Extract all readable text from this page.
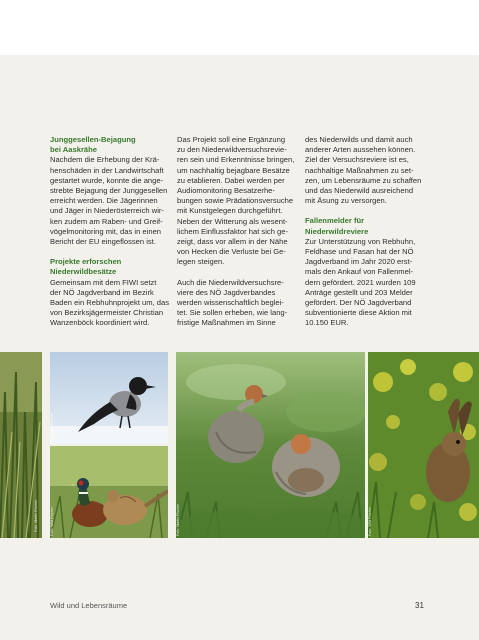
Junggesellen-Bejagung

bei Aaskrähe

Nachdem die Erhebung der Krä-

henschäden in der Landwirtschaft

gestartet wurde, konnte die ange-

strebte Bejagung der Junggesellen

erreicht werden. Die Jägerinnen

und Jäger in Niederösterreich wir-

ken zudem am Raben- und Greif-

vögelmonitoring mit, das in einen

Bericht der EU eingeflossen ist.

Projekte erforschen

Niederwildbesätze

Gemeinsam mit dem FIWI setzt

der NÖ Jagdverband im Bezirk

Baden ein Rebhuhnprojekt um, das

von Bezirksjägermeister Christian

Wanzenböck koordiniert wird.

Das Projekt soll eine Ergänzung

zu den Niederwildversuchsrevie-

ren sein und Erkenntnisse bringen,

um nachhaltig bejagbare Besätze

zu etablieren. Dabei werden per

Audiomonitoring Besatzerhe-

bungen sowie Prädationsversuche

mit Kunstgelegen durchgeführt.

Neben der Witterung als wesent-

lichem Einflussfaktor hat sich ge-

zeigt, dass vor allem in der Nähe

von Hecken die Verluste bei Ge-

legen steigen.

Auch die Niederwildversuchsre-

viere des NÖ Jagdverbandes

werden wissenschaftlich beglei-

tet. Sie sollen erheben, wie lang-

fristige Maßnahmen im Sinne

des Niederwilds und damit auch

anderer Arten aussehen können.

Ziel der Versuchsreviere ist es,

nachhaltige Maßnahmen zu set-

zen, um Lebensräume zu schaffen

und das Niederwild ausreichend

mit Äsung zu versorgen.

Fallenmelder für

Niederwildreviere

Zur Unterstützung von Rebhuhn,

Feldhase und Fasan hat der NÖ

Jagdverband im Jahr 2020 erst-

mals den Ankauf von Fallenmel-

dern gefördert. 2021 wurden 109

Anträge gestellt und 203 Melder

gefördert. Der NÖ Jagdverband

subventionierte diese Aktion mit

10.150 EUR.

Foto: Martin Fischer
Foto: Wild Fischer
Foto: Wild Fischer	Foto: Martin Fischer	Foto: Wild Fischer
Wild und Lebensräume	31
